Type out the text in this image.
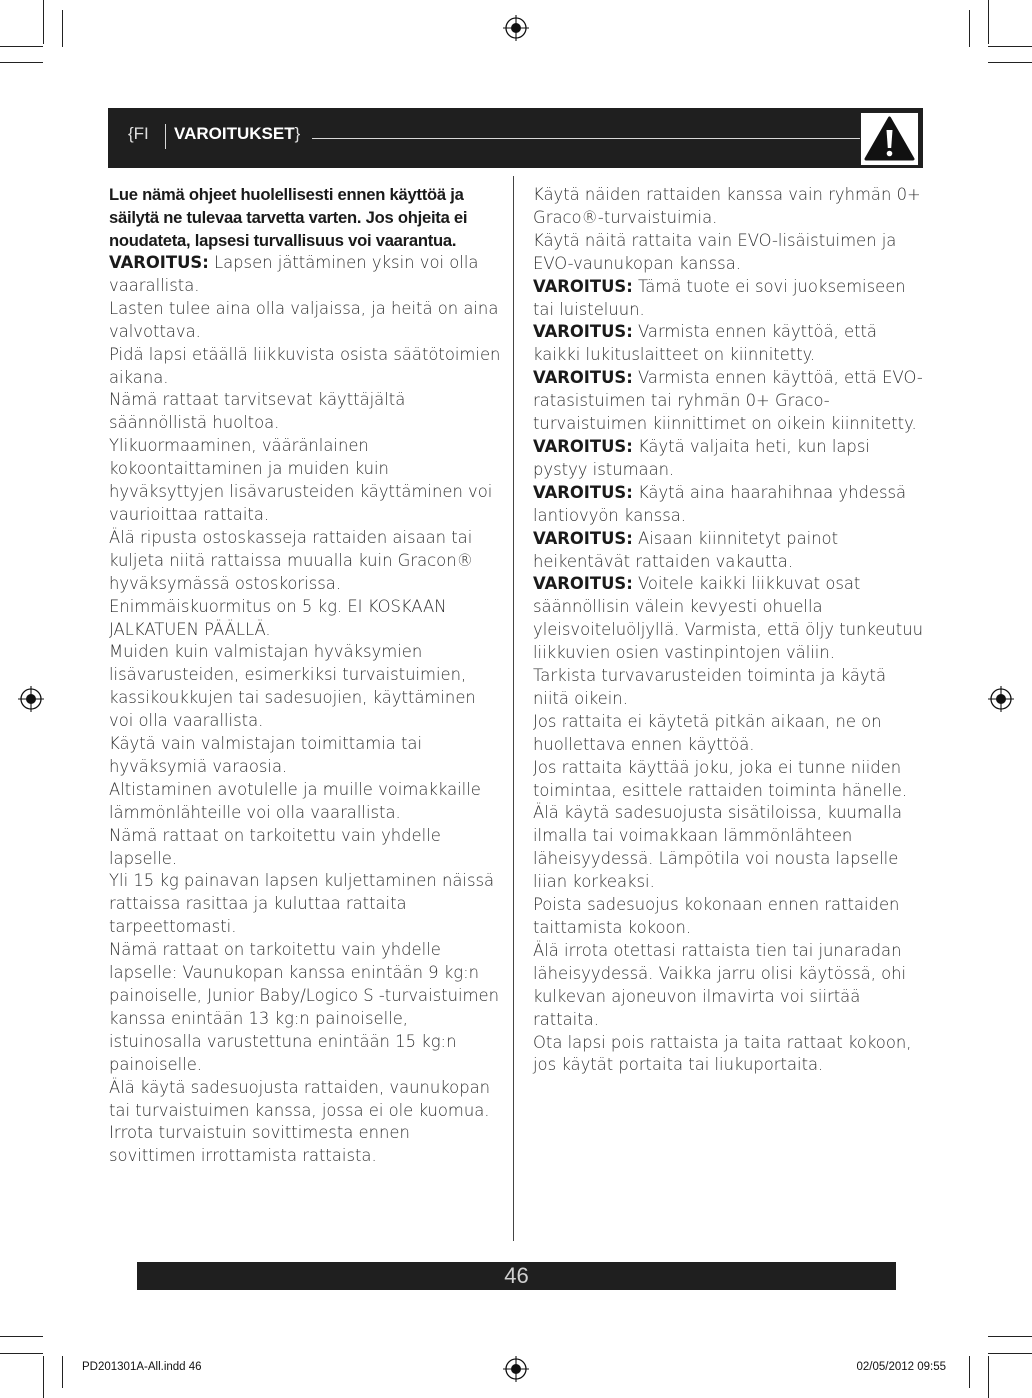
{FI VAROITUKSET}

Lue nämä ohjeet huolellisesti ennen käyttöä ja säilytä ne tulevaa tarvetta varten. Jos ohjeita ei noudateta, lapsesi turvallisuus voi vaarantua.

VAROITUS: Lapsen jättäminen yksin voi olla vaarallista.

Lasten tulee aina olla valjaissa, ja heitä on aina valvottava.

Pidä lapsi etäällä liikkuvista osista säätötoimien aikana.

Nämä rattaat tarvitsevat käyttäjältä säännöllistä huoltoa.

Ylikuormaaminen, vääränlainen kokoontaittaminen ja muiden kuin hyväksyttyjen lisävarusteiden käyttäminen voi vaurioittaa rattaita.

Älä ripusta ostoskasseja rattaiden aisaan tai kuljeta niitä rattaissa muualla kuin Gracon® hyväksymässä ostoskorissa. Enimmäiskuormitus on 5 kg. EI KOSKAAN JALKATUEN PÄÄLLÄ.

Muiden kuin valmistajan hyväksymien lisävarusteiden, esimerkiksi turvaistuimien, kassikoukkujen tai sadesuojien, käyttäminen voi olla vaarallista.

Käytä vain valmistajan toimittamia tai hyväksymiä varaosia.

Altistaminen avotulelle ja muille voimakkaille lämmönlähteille voi olla vaarallista.

Nämä rattaat on tarkoitettu vain yhdelle lapselle.

Yli 15 kg painavan lapsen kuljettaminen näissä rattaissa rasittaa ja kuluttaa rattaita tarpeettomasti.

Nämä rattaat on tarkoitettu vain yhdelle lapselle: Vaunukopan kanssa enintään 9 kg:n painoiselle, Junior Baby/Logico S -turvaistuimen kanssa enintään 13 kg:n painoiselle, istuinosalla varustettuna enintään 15 kg:n painoiselle.

Älä käytä sadesuojusta rattaiden, vaunukopan tai turvaistuimen kanssa, jossa ei ole kuomua.

Irrota turvaistuin sovittimesta ennen sovittimen irrottamista rattaista.

Käytä näiden rattaiden kanssa vain ryhmän 0+ Graco®-turvaistuimia.

Käytä näitä rattaita vain EVO-lisäistuimen ja EVO-vaunukopan kanssa.

VAROITUS: Tämä tuote ei sovi juoksemiseen tai luisteluun.

VAROITUS: Varmista ennen käyttöä, että kaikki lukituslaitteet on kiinnitetty.

VAROITUS: Varmista ennen käyttöä, että EVO-ratasistuimen tai ryhmän 0+ Graco-turvaistuimen kiinnittimet on oikein kiinnitetty.

VAROITUS: Käytä valjaita heti, kun lapsi pystyy istumaan.

VAROITUS: Käytä aina haarahihnaa yhdessä lantiovyön kanssa.

VAROITUS: Aisaan kiinnitetyt painot heikentävät rattaiden vakautta.

VAROITUS: Voitele kaikki liikkuvat osat säännöllisin välein kevyesti ohuella yleisvoiteluöljyllä. Varmista, että öljy tunkeutuu liikkuvien osien vastinpintojen väliin.

Tarkista turvavarusteiden toiminta ja käytä niitä oikein.

Jos rattaita ei käytetä pitkän aikaan, ne on huollettava ennen käyttöä.

Jos rattaita käyttää joku, joka ei tunne niiden toimintaa, esittele rattaiden toiminta hänelle.

Älä käytä sadesuojusta sisätiloissa, kuumalla ilmalla tai voimakkaan lämmönlähteen läheisyydessä. Lämpötila voi nousta lapselle liian korkeaksi.

Poista sadesuojus kokonaan ennen rattaiden taittamista kokoon.

Älä irrota otettasi rattaista tien tai junaradan läheisyydessä. Vaikka jarru olisi käytössä, ohi kulkevan ajoneuvon ilmavirta voi siirtää rattaita.

Ota lapsi pois rattaista ja taita rattaat kokoon, jos käytät portaita tai liukuportaita.

46
PD201301A-All.indd 46	02/05/2012 09:55
